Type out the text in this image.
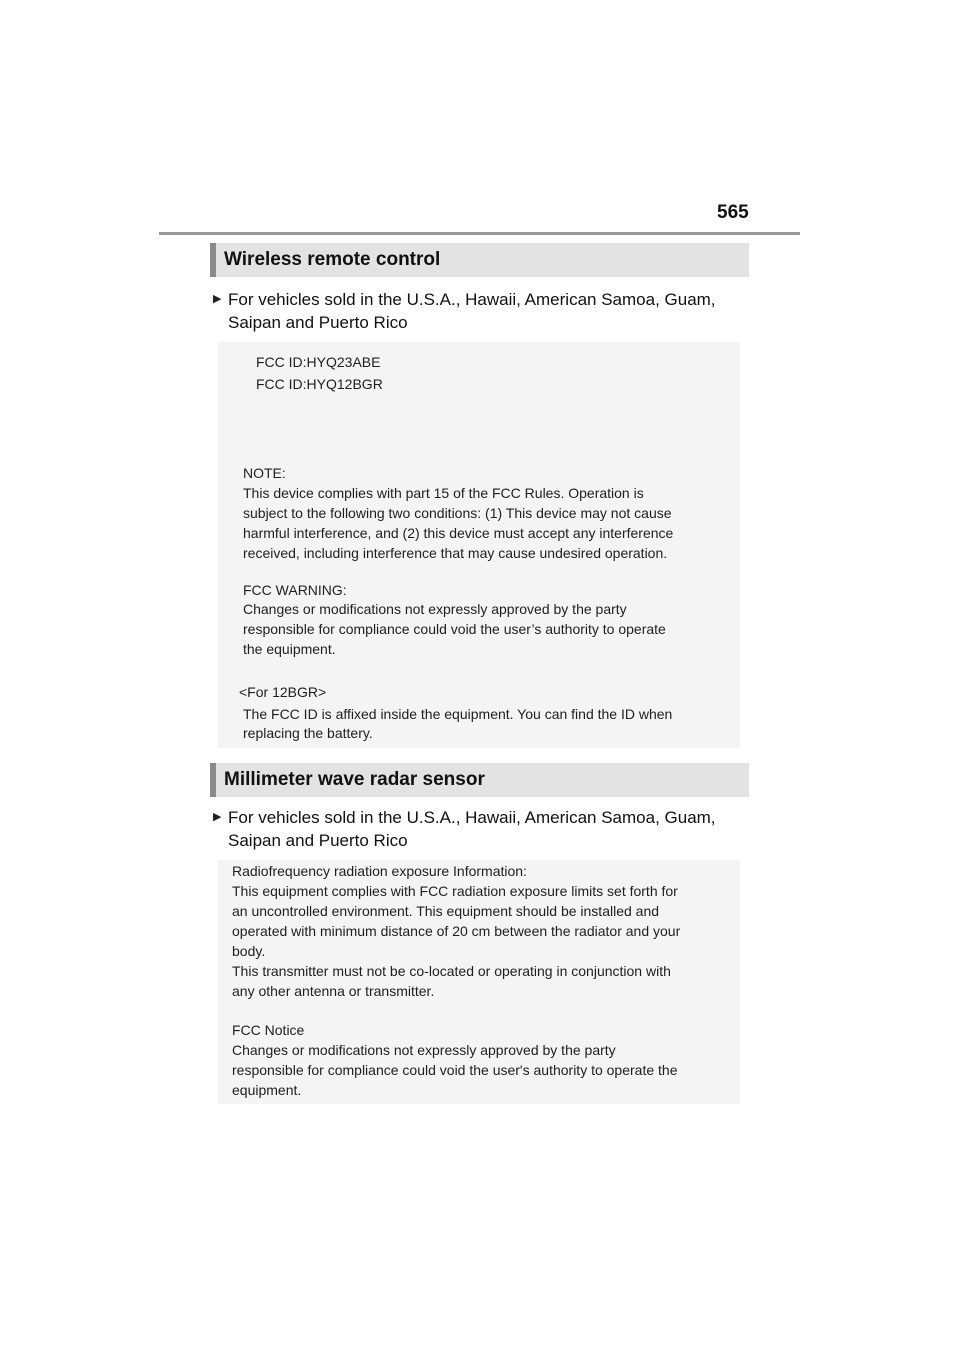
565
Wireless remote control
▶ For vehicles sold in the U.S.A., Hawaii, American Samoa, Guam,
Saipan and Puerto Rico
FCC ID:HYQ23ABE
FCC ID:HYQ12BGR
NOTE:
This device complies with part 15 of the FCC Rules. Operation is
subject to the following two conditions: (1) This device may not cause
harmful interference, and (2) this device must accept any interference
received, including interference that may cause undesired operation.
FCC WARNING:
Changes or modifications not expressly approved by the party
responsible for compliance could void the user’s authority to operate
the equipment.
<For 12BGR>
The FCC ID is affixed inside the equipment. You can find the ID when
replacing the battery.
Millimeter wave radar sensor
▶ For vehicles sold in the U.S.A., Hawaii, American Samoa, Guam,
Saipan and Puerto Rico
Radiofrequency radiation exposure Information:
This equipment complies with FCC radiation exposure limits set forth for
an uncontrolled environment. This equipment should be installed and
operated with minimum distance of 20 cm between the radiator and your
body.
This transmitter must not be co-located or operating in conjunction with
any other antenna or transmitter.
FCC Notice
Changes or modifications not expressly approved by the party
responsible for compliance could void the user's authority to operate the
equipment.
